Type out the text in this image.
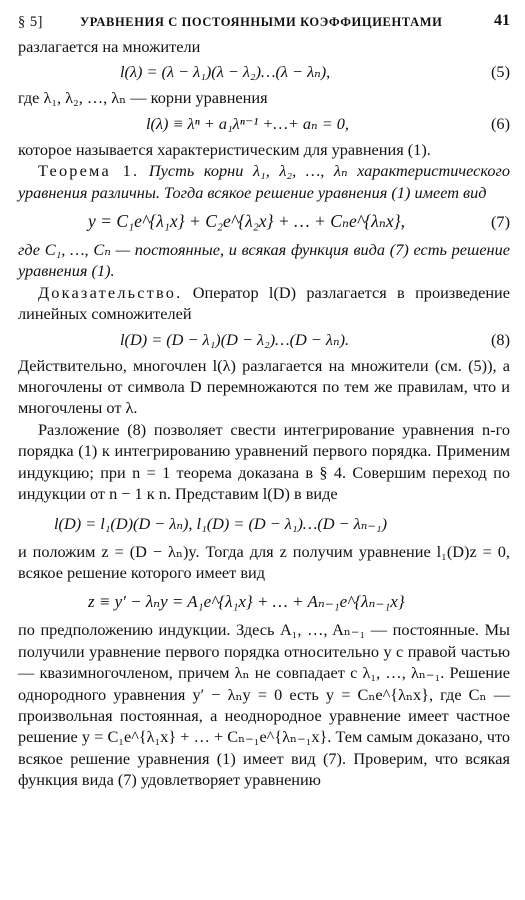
§ 5]	УРАВНЕНИЯ С ПОСТОЯННЫМИ КОЭФФИЦИЕНТАМИ	41

разлагается на множители

l(λ) = (λ − λ₁)(λ − λ₂)…(λ − λₙ),	(5)

где λ₁, λ₂, …, λₙ — корни уравнения

l(λ) ≡ λⁿ + a₁λⁿ⁻¹ +…+ aₙ = 0,	(6)

которое называется характеристическим для уравнения (1).

Теорема 1. Пусть корни λ₁, λ₂, …, λₙ характеристического уравнения различны. Тогда всякое решение уравнения (1) имеет вид

y = C₁e^{λ₁x} + C₂e^{λ₂x} + … + Cₙe^{λₙx},	(7)

где C₁, …, Cₙ — постоянные, и всякая функция вида (7) есть решение уравнения (1).

Доказательство. Оператор l(D) разлагается в произведение линейных сомножителей

l(D) = (D − λ₁)(D − λ₂)…(D − λₙ).	(8)

Действительно, многочлен l(λ) разлагается на множители (см. (5)), а многочлены от символа D перемножаются по тем же правилам, что и многочлены от λ.

Разложение (8) позволяет свести интегрирование уравнения n-го порядка (1) к интегрированию уравнений первого порядка. Применим индукцию; при n = 1 теорема доказана в § 4. Совершим переход по индукции от n − 1 к n. Представим l(D) в виде

l(D) = l₁(D)(D − λₙ), l₁(D) = (D − λ₁)…(D − λₙ₋₁)

и положим z = (D − λₙ)y. Тогда для z получим уравнение l₁(D)z = 0, всякое решение которого имеет вид

z ≡ y′ − λₙy = A₁e^{λ₁x} + … + Aₙ₋₁e^{λₙ₋₁x}

по предположению индукции. Здесь A₁, …, Aₙ₋₁ — постоянные. Мы получили уравнение первого порядка относительно y с правой частью — квазимногочленом, причем λₙ не совпадает с λ₁, …, λₙ₋₁. Решение однородного уравнения y′ − λₙy = 0 есть y = Cₙe^{λₙx}, где Cₙ — произвольная постоянная, а неоднородное уравнение имеет частное решение y = C₁e^{λ₁x} + … + Cₙ₋₁e^{λₙ₋₁x}. Тем самым доказано, что всякое решение уравнения (1) имеет вид (7). Проверим, что всякая функция вида (7) удовлетворяет уравнению
